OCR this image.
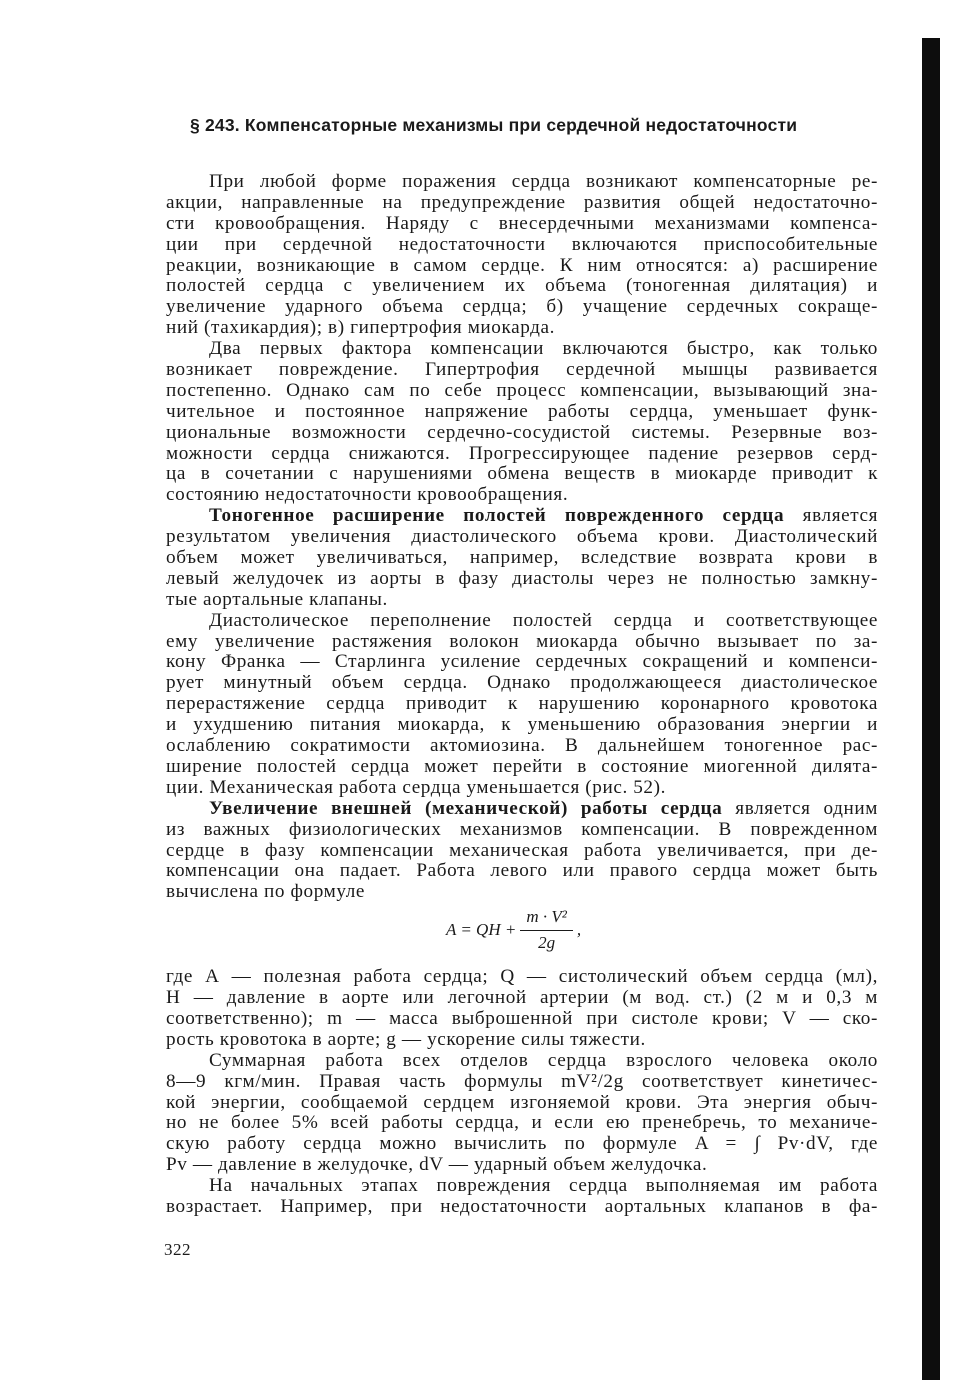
§ 243. Компенсаторные механизмы при сердечной недостаточности
При любой форме поражения сердца возникают компенсаторные ре-
акции, направленные на предупреждение развития общей недостаточно-
сти кровообращения. Наряду с внесердечными механизмами компенса-
ции при сердечной недостаточности включаются приспособительные
реакции, возникающие в самом сердце. К ним относятся: а) расширение
полостей сердца с увеличением их объема (тоногенная дилятация) и
увеличение ударного объема сердца; б) учащение сердечных сокраще-
ний (тахикардия); в) гипертрофия миокарда.
Два первых фактора компенсации включаются быстро, как только
возникает повреждение. Гипертрофия сердечной мышцы развивается
постепенно. Однако сам по себе процесс компенсации, вызывающий зна-
чительное и постоянное напряжение работы сердца, уменьшает функ-
циональные возможности сердечно-сосудистой системы. Резервные воз-
можности сердца снижаются. Прогрессирующее падение резервов серд-
ца в сочетании с нарушениями обмена веществ в миокарде приводит к
состоянию недостаточности кровообращения.
Тоногенное расширение полостей поврежденного сердца является
результатом увеличения диастолического объема крови. Диастолический
объем может увеличиваться, например, вследствие возврата крови в
левый желудочек из аорты в фазу диастолы через не полностью замкну-
тые аортальные клапаны.
Диастолическое переполнение полостей сердца и соответствующее
ему увеличение растяжения волокон миокарда обычно вызывает по за-
кону Франка — Старлинга усиление сердечных сокращений и компенси-
рует минутный объем сердца. Однако продолжающееся диастолическое
перерастяжение сердца приводит к нарушению коронарного кровотока
и ухудшению питания миокарда, к уменьшению образования энергии и
ослаблению сократимости актомиозина. В дальнейшем тоногенное рас-
ширение полостей сердца может перейти в состояние миогенной дилята-
ции. Механическая работа сердца уменьшается (рис. 52).
Увеличение внешней (механической) работы сердца является одним
из важных физиологических механизмов компенсации. В поврежденном
сердце в фазу компенсации механическая работа увеличивается, при де-
компенсации она падает. Работа левого или правого сердца может быть
вычислена по формуле
A = QH + $\frac{\text{m · V²}}{2g}$ ,
где А — полезная работа сердца; Q — систолический объем сердца (мл),
H — давление в аорте или легочной артерии (м вод. ст.) (2 м и 0,3 м
соответственно); m — масса выброшенной при систоле крови; V — ско-
рость кровотока в аорте; g — ускорение силы тяжести.
Суммарная работа всех отделов сердца взрослого человека около
8—9 кгм/мин. Правая часть формулы mV²/2g соответствует кинетичес-
кой энергии, сообщаемой сердцем изгоняемой крови. Эта энергия обыч-
но не более 5% всей работы сердца, и если ею пренебречь, то механиче-
скую работу сердца можно вычислить по формуле A = ∫ Pv·dV, где
Pv — давление в желудочке, dV — ударный объем желудочка.
На начальных этапах повреждения сердца выполняемая им работа
возрастает. Например, при недостаточности аортальных клапанов в фа-
322
